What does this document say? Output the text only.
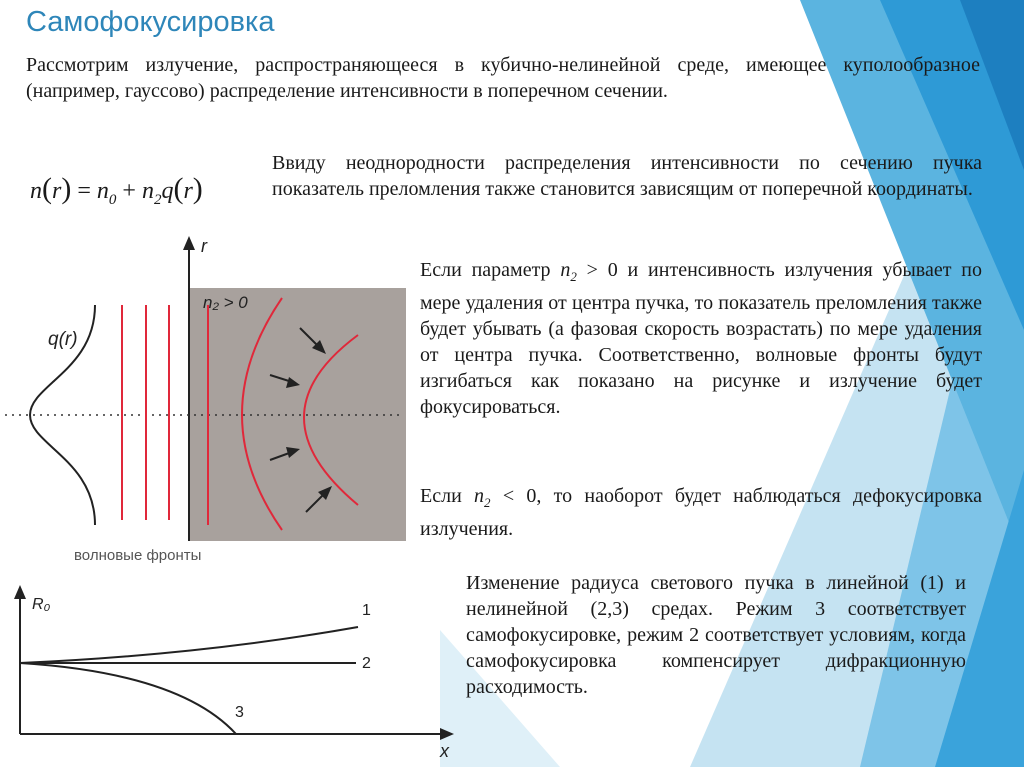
Самофокусировка

Рассмотрим излучение, распространяющееся в кубично-нелинейной среде, имеющее куполообразное (например, гауссово) распределение интенсивности в поперечном сечении.

$n(r) = n_0 + n_2q(r)$

Ввиду неоднородности распределения интенсивности по сечению пучка показатель преломления также становится зависящим от поперечной координаты.

Если параметр $n_2 > 0$ и интенсивность излучения убывает по мере удаления от центра пучка, то показатель преломления также будет убывать (а фазовая скорость возрастать) по мере удаления от центра пучка. Соответственно, волновые фронты будут изгибаться как показано на рисунке и излучение будет фокусироваться.

Если $n_2 < 0$, то наоборот будет наблюдаться дефокусировка излучения.

Изменение радиуса светового пучка в линейной (1) и нелинейной (2,3) средах. Режим 3 соответствует самофокусировке, режим 2 соответствует условиям, когда самофокусировка компенсирует дифракционную расходимость.

r
n₂ > 0
q(r)
волновые фронты
x
R₀	1
2
3
